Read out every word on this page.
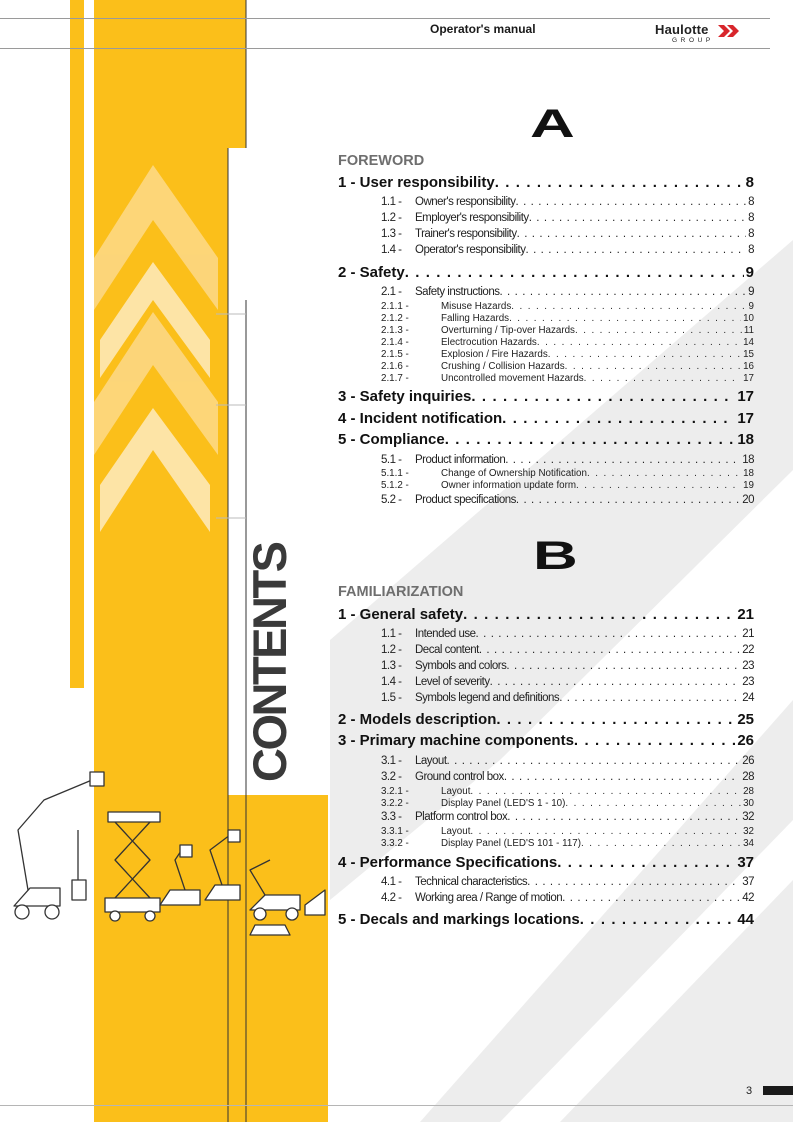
Operator's manual	Haulotte
GROUP
CONTENTS
A
FOREWORD
1 - User responsibility . . .	8
1.1 -	Owner's responsibility . . .	8
1.2 -	Employer's responsibility . . .	8
1.3 -	Trainer's responsibility . . .	8
1.4 -	Operator's responsibility . . .	8
2 - Safety . . .	9
2.1 -	Safety instructions . . .	9
2.1.1 -	Misuse Hazards . . .	9
2.1.2 -	Falling Hazards . . .	10
2.1.3 -	Overturning / Tip-over Hazards . . .	11
2.1.4 -	Electrocution Hazards . . .	14
2.1.5 -	Explosion / Fire Hazards . . .	15
2.1.6 -	Crushing / Collision Hazards . . .	16
2.1.7 -	Uncontrolled movement Hazards . . .	17
3 - Safety inquiries . . .	17
4 - Incident notification . . .	17
5 - Compliance . . .	18
5.1 -	Product information . . .	18
5.1.1 -	Change of Ownership Notification . . .	18
5.1.2 -	Owner information update form . . .	19
5.2 -	Product specifications . . .	20
B
FAMILIARIZATION
1 - General safety . . .	21
1.1 -	Intended use . . .	21
1.2 -	Decal content . . .	22
1.3 -	Symbols and colors . . .	23
1.4 -	Level of severity . . .	23
1.5 -	Symbols legend and definitions . . .	24
2 - Models description . . .	25
3 - Primary machine components . . .	26
3.1 -	Layout . . .	26
3.2 -	Ground control box . . .	28
3.2.1 -	Layout . . .	28
3.2.2 -	Display Panel (LED'S 1 - 10) . . .	30
3.3 -	Platform control box . . .	32
3.3.1 -	Layout . . .	32
3.3.2 -	Display Panel (LED'S 101 - 117) . . .	34
4 - Performance Specifications . . .	37
4.1 -	Technical characteristics . . .	37
4.2 -	Working area / Range of motion . . .	42
5 - Decals and markings locations . . .	44
3
